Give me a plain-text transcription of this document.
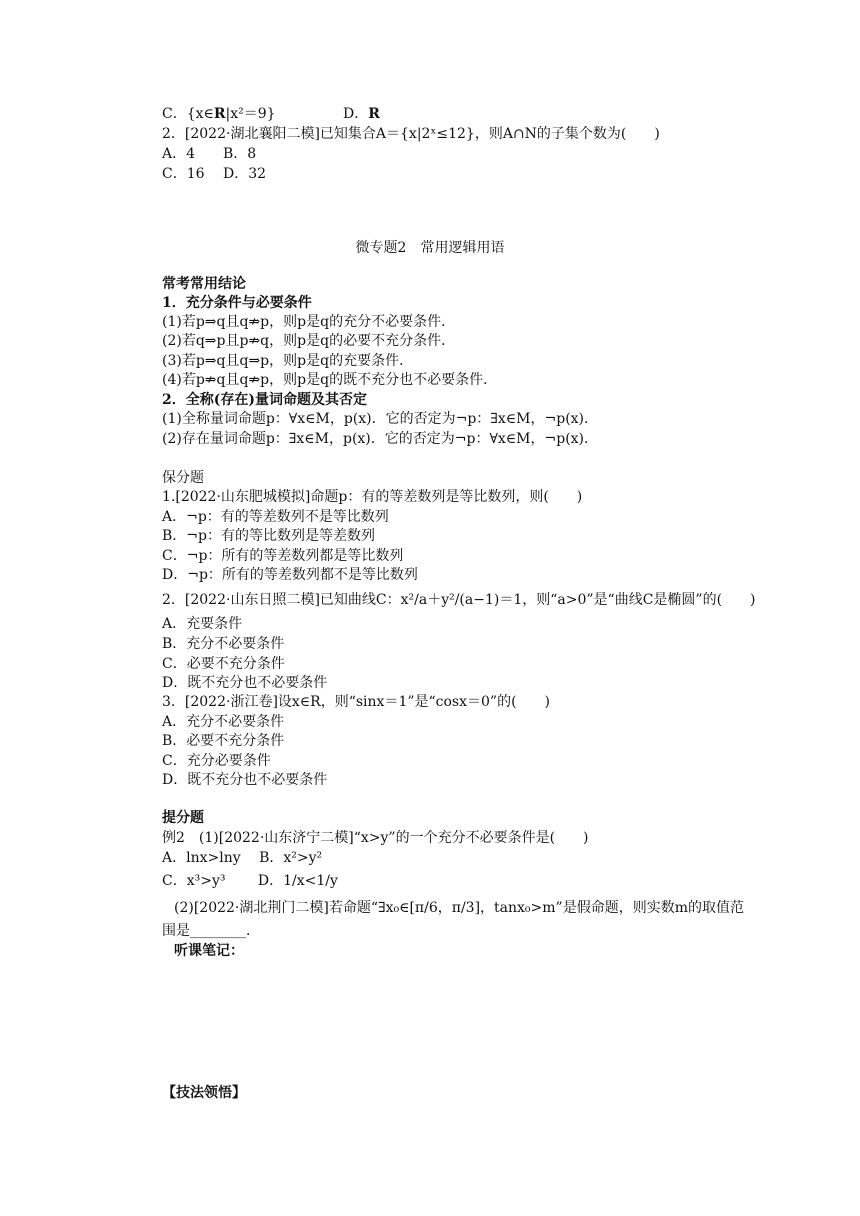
C．{x∈R|x²＝9}	D．R
2．[2022·湖北襄阳二模]已知集合A＝{x|2ˣ≤12}，则A∩N的子集个数为(　　)
A．4　　B．8
C．16　 D．32
微专题2　常用逻辑用语
常考常用结论
1．充分条件与必要条件
(1)若p⇒q且q⇏p，则p是q的充分不必要条件．
(2)若q⇒p且p⇏q，则p是q的必要不充分条件．
(3)若p⇒q且q⇒p，则p是q的充要条件．
(4)若p⇏q且q⇏p，则p是q的既不充分也不必要条件．
2．全称(存在)量词命题及其否定
(1)全称量词命题p：∀x∈M，p(x)．它的否定为¬p：∃x∈M，¬p(x)．
(2)存在量词命题p：∃x∈M，p(x)．它的否定为¬p：∀x∈M，¬p(x)．
保分题
1.[2022·山东肥城模拟]命题p：有的等差数列是等比数列，则(　　)
A．¬p：有的等差数列不是等比数列
B．¬p：有的等比数列是等差数列
C．¬p：所有的等差数列都是等比数列
D．¬p：所有的等差数列都不是等比数列
2．[2022·山东日照二模]已知曲线C：x²/a＋y²/(a−1)＝1，则“a>0”是“曲线C是椭圆”的(　　)
A．充要条件
B．充分不必要条件
C．必要不充分条件
D．既不充分也不必要条件
3．[2022·浙江卷]设x∈R，则“sinx＝1”是“cosx＝0”的(　　)
A．充分不必要条件
B．必要不充分条件
C．充分必要条件
D．既不充分也不必要条件
提分题
例2　(1)[2022·山东济宁二模]“x>y”的一个充分不必要条件是(　　)
A．lnx>lny　 B．x²>y²
C．x³>y³　　 D．1/x<1/y
(2)[2022·湖北荆门二模]若命题“∃x₀∈[π/6，π/3]，tanx₀>m”是假命题，则实数m的取值范
围是________．
听课笔记：
【技法领悟】
